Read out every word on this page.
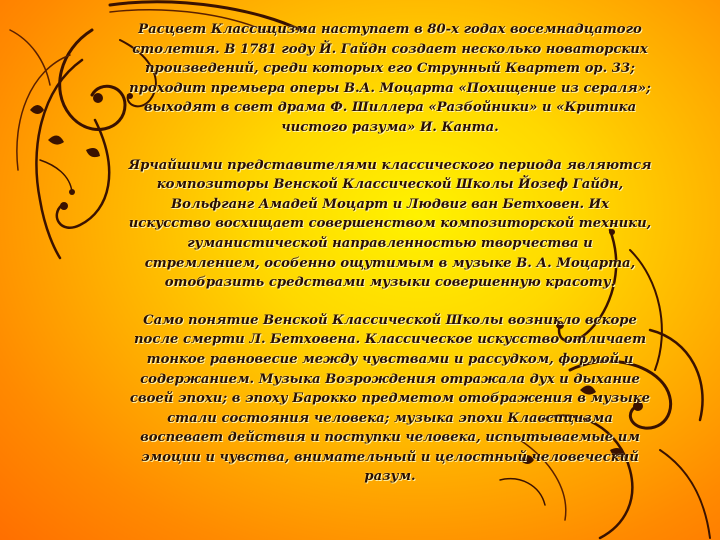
Расцвет Классицизма наступает в 80-х годах восемнадцатого столетия. В 1781 году Й. Гайдн создает несколько новаторских произведений, среди которых его Струнный Квартет ор. 33; проходит премьера оперы В.А. Моцарта «Похищение из сераля»; выходят в свет драма Ф. Шиллера «Разбойники» и «Критика чистого разума» И. Канта.

Ярчайшими представителями классического периода являются композиторы Венской Классической Школы Йозеф Гайдн, Вольфганг Амадей Моцарт и Людвиг ван Бетховен. Их искусство восхищает совершенством композиторской техники, гуманистической направленностью творчества и стремлением, особенно ощутимым в музыке В. А. Моцарта, отобразить средствами музыки совершенную красоту.

Само понятие Венской Классической Школы возникло вскоре после смерти Л. Бетховена. Классическое искусство отличает тонкое равновесие между чувствами и рассудком, формой и содержанием. Музыка Возрождения отражала дух и дыхание своей эпохи; в эпоху Барокко предметом отображения в музыке стали состояния человека; музыка эпохи Классицизма воспевает действия и поступки человека, испытываемые им эмоции и чувства, внимательный и целостный человеческий разум.
